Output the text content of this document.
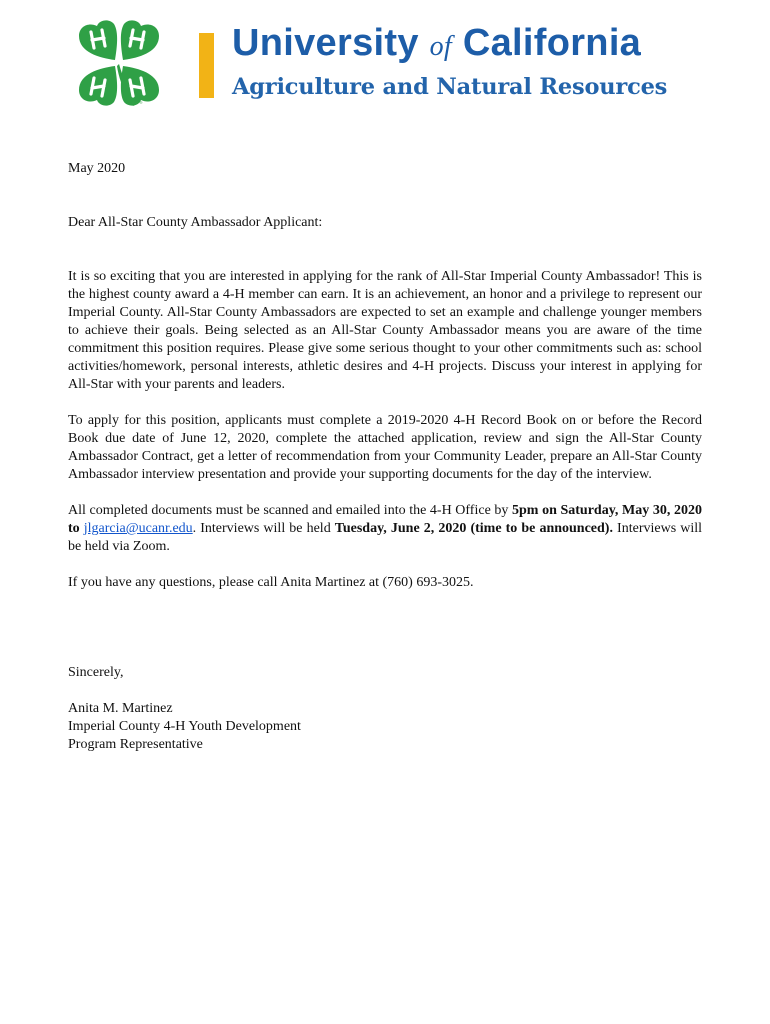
4-H ®
University of California
Agriculture and Natural Resources

May 2020

Dear All-Star County Ambassador Applicant:

It is so exciting that you are interested in applying for the rank of All-Star Imperial County Ambassador! This is the highest county award a 4-H member can earn. It is an achievement, an honor and a privilege to represent our Imperial County. All-Star County Ambassadors are expected to set an example and challenge younger members to achieve their goals. Being selected as an All-Star County Ambassador means you are aware of the time commitment this position requires. Please give some serious thought to your other commitments such as: school activities/homework, personal interests, athletic desires and 4-H projects. Discuss your interest in applying for All-Star with your parents and leaders.

To apply for this position, applicants must complete a 2019-2020 4-H Record Book on or before the Record Book due date of June 12, 2020, complete the attached application, review and sign the All-Star County Ambassador Contract, get a letter of recommendation from your Community Leader, prepare an All-Star County Ambassador interview presentation and provide your supporting documents for the day of the interview.

All completed documents must be scanned and emailed into the 4-H Office by 5pm on Saturday, May 30, 2020 to jlgarcia@ucanr.edu. Interviews will be held Tuesday, June 2, 2020 (time to be announced). Interviews will be held via Zoom.

If you have any questions, please call Anita Martinez at (760) 693-3025.

Sincerely,

Anita M. Martinez

Imperial County 4-H Youth Development

Program Representative
